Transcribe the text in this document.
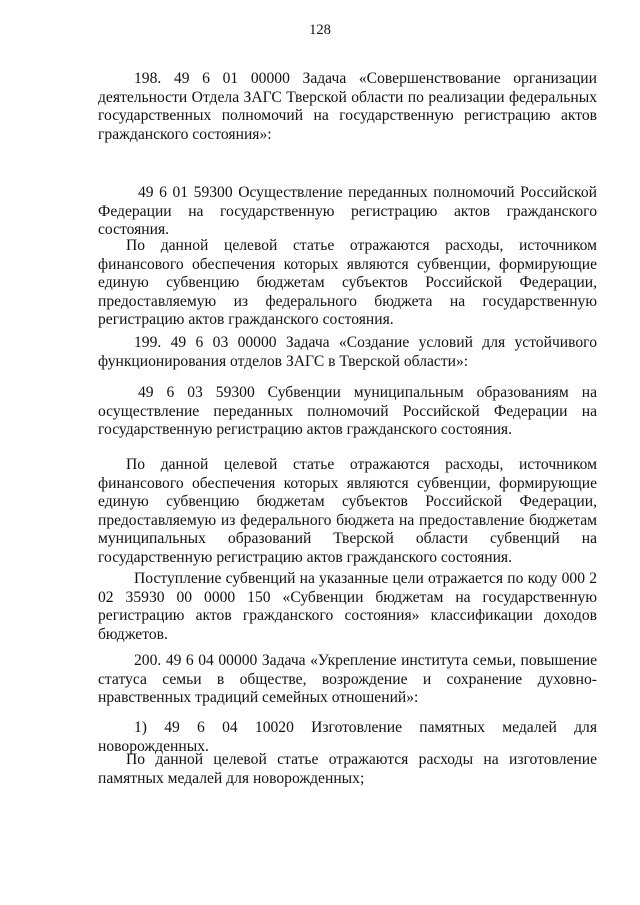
128

198. 49 6 01 00000 Задача «Совершенствование организации деятельности Отдела ЗАГС Тверской области по реализации федеральных государственных полномочий на государственную регистрацию актов гражданского состояния»:

49 6 01 59300 Осуществление переданных полномочий Российской Федерации на государственную регистрацию актов гражданского состояния.

По данной целевой статье отражаются расходы, источником финансового обеспечения которых являются субвенции, формирующие единую субвенцию бюджетам субъектов Российской Федерации, предоставляемую из федерального бюджета на государственную регистрацию актов гражданского состояния.

199. 49 6 03 00000 Задача «Создание условий для устойчивого функционирования отделов ЗАГС в Тверской области»:

49 6 03 59300 Субвенции муниципальным образованиям на осуществление переданных полномочий Российской Федерации на государственную регистрацию актов гражданского состояния.

По данной целевой статье отражаются расходы, источником финансового обеспечения которых являются субвенции, формирующие единую субвенцию бюджетам субъектов Российской Федерации, предоставляемую из федерального бюджета на предоставление бюджетам муниципальных образований Тверской области субвенций на государственную регистрацию актов гражданского состояния.

Поступление субвенций на указанные цели отражается по коду 000 2 02 35930 00 0000 150 «Субвенции бюджетам на государственную регистрацию актов гражданского состояния» классификации доходов бюджетов.

200. 49 6 04 00000 Задача «Укрепление института семьи, повышение статуса семьи в обществе, возрождение и сохранение духовно-нравственных традиций семейных отношений»:

1) 49 6 04 10020 Изготовление памятных медалей для новорожденных.

По данной целевой статье отражаются расходы на изготовление памятных медалей для новорожденных;
